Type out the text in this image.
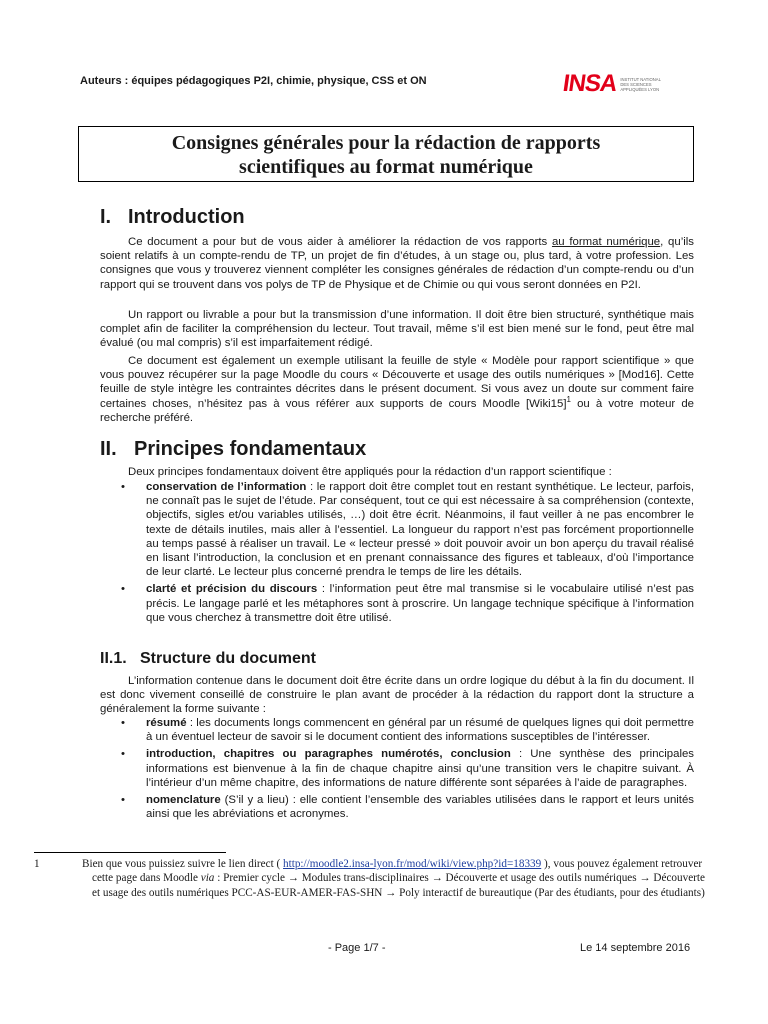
Auteurs : équipes pédagogiques P2I, chimie, physique, CSS et ON	INSA INSTITUT NATIONAL DES SCIENCES APPLIQUÉES LYON
Consignes générales pour la rédaction de rapports
scientifiques au format numérique
I. Introduction

Ce document a pour but de vous aider à améliorer la rédaction de vos rapports au format numérique, qu’ils soient relatifs à un compte-rendu de TP, un projet de fin d’études, à un stage ou, plus tard, à votre profession. Les consignes que vous y trouverez viennent compléter les consignes générales de rédaction d’un compte-rendu ou d’un rapport qui se trouvent dans vos polys de TP de Physique et de Chimie ou qui vous seront données en P2I.

Un rapport ou livrable a pour but la transmission d’une information. Il doit être bien structuré, synthétique mais complet afin de faciliter la compréhension du lecteur. Tout travail, même s’il est bien mené sur le fond, peut être mal évalué (ou mal compris) s’il est imparfaitement rédigé.

Ce document est également un exemple utilisant la feuille de style « Modèle pour rapport scientifique » que vous pouvez récupérer sur la page Moodle du cours « Découverte et usage des outils numériques » [Mod16]. Cette feuille de style intègre les contraintes décrites dans le présent document. Si vous avez un doute sur comment faire certaines choses, n’hésitez pas à vous référer aux supports de cours Moodle [Wiki15]$^1$ ou à votre moteur de recherche préféré.

II. Principes fondamentaux

Deux principes fondamentaux doivent être appliqués pour la rédaction d’un rapport scientifique :

• conservation de l’information : le rapport doit être complet tout en restant synthétique. Le lecteur, parfois, ne connaît pas le sujet de l’étude. Par conséquent, tout ce qui est nécessaire à sa compréhension (contexte, objectifs, sigles et/ou variables utilisés, …) doit être écrit. Néanmoins, il faut veiller à ne pas encombrer le texte de détails inutiles, mais aller à l’essentiel. La longueur du rapport n’est pas forcément proportionnelle au temps passé à réaliser un travail. Le « lecteur pressé » doit pouvoir avoir un bon aperçu du travail réalisé en lisant l’introduction, la conclusion et en prenant connaissance des figures et tableaux, d’où l’importance de leur clarté. Le lecteur plus concerné prendra le temps de lire les détails.
• clarté et précision du discours : l’information peut être mal transmise si le vocabulaire utilisé n’est pas précis. Le langage parlé et les métaphores sont à proscrire. Un langage technique spécifique à l’information que vous cherchez à transmettre doit être utilisé.
II.1. Structure du document

L’information contenue dans le document doit être écrite dans un ordre logique du début à la fin du document. Il est donc vivement conseillé de construire le plan avant de procéder à la rédaction du rapport dont la structure a généralement la forme suivante :

• résumé : les documents longs commencent en général par un résumé de quelques lignes qui doit permettre à un éventuel lecteur de savoir si le document contient des informations susceptibles de l’intéresser.
• introduction, chapitres ou paragraphes numérotés, conclusion : Une synthèse des principales informations est bienvenue à la fin de chaque chapitre ainsi qu’une transition vers le chapitre suivant. À l’intérieur d’un même chapitre, des informations de nature différente sont séparées à l’aide de paragraphes.
• nomenclature (S’il y a lieu) : elle contient l’ensemble des variables utilisées dans le rapport et leurs unités ainsi que les abréviations et acronymes.
1	Bien que vous puissiez suivre le lien direct ( http://moodle2.insa-lyon.fr/mod/wiki/view.php?id=18339 ), vous pouvez également retrouver cette page dans Moodle via : Premier cycle → Modules trans-disciplinaires → Découverte et usage des outils numériques → Découverte et usage des outils numériques PCC-AS-EUR-AMER-FAS-SHN → Poly interactif de bureautique (Par des étudiants, pour des étudiants)
- Page 1/7 -	Le 14 septembre 2016
